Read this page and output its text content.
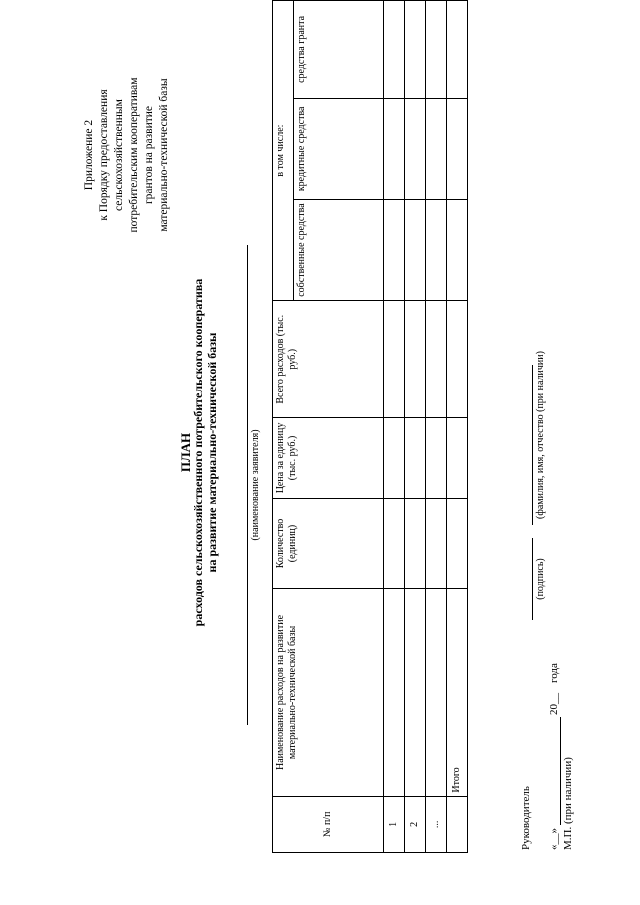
Приложение 2 к Порядку предоставления сельскохозяйственным потребительским кооперативам грантов на развитие материально-технической базы
ПЛАН
расходов сельскохозяйственного потребительского кооператива на развитие материально-технической базы	(наименование заявителя)
№ п/п	Наименование расходов на развитие материально-технической базы	Количество (единиц)	Цена за единицу (тыс. руб.)	Всего расходов (тыс. руб.)	в том числе:		
					собственные средства	кредитные средства	средства гранта
1							
2							
...							
	Итого						
Руководитель
(подпись)
(фамилия, имя, отчество (при наличии)
«__»
20__
года
М.П. (при наличии)
